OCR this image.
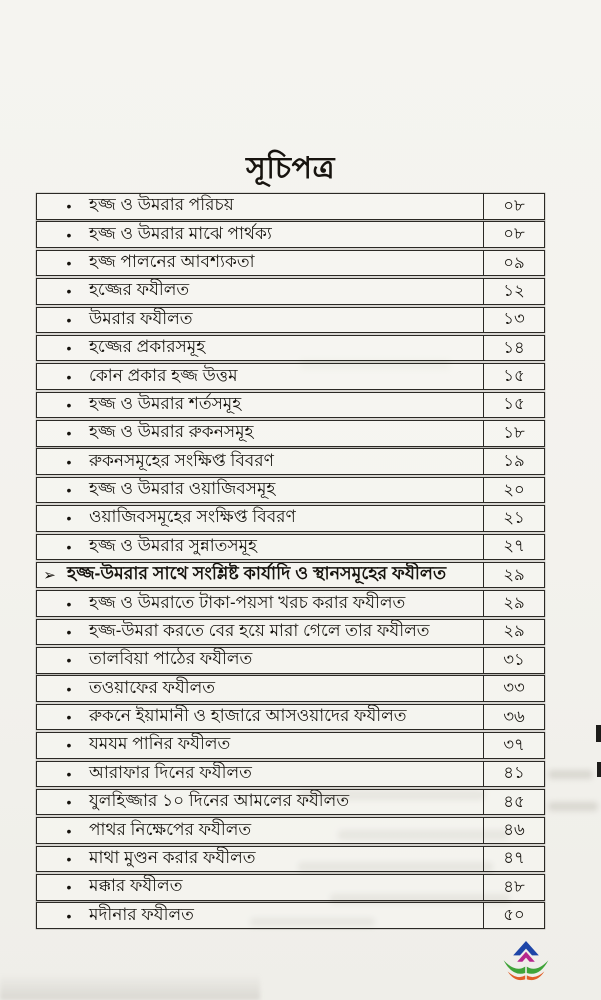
সূচিপত্র
• হজ্জ ও উমরার পরিচয়	০৮
• হজ্জ ও উমরার মাঝে পার্থক্য	০৮
• হজ্জ পালনের আবশ্যকতা	০৯
• হজ্জের ফযীলত	১২
• উমরার ফযীলত	১৩
• হজ্জের প্রকারসমূহ	১৪
• কোন প্রকার হজ্জ উত্তম	১৫
• হজ্জ ও উমরার শর্তসমূহ	১৫
• হজ্জ ও উমরার রুকনসমূহ	১৮
• রুকনসমূহের সংক্ষিপ্ত বিবরণ	১৯
• হজ্জ ও উমরার ওয়াজিবসমূহ	২০
• ওয়াজিবসমূহের সংক্ষিপ্ত বিবরণ	২১
• হজ্জ ও উমরার সুন্নাতসমূহ	২৭
➢ হজ্জ-উমরার সাথে সংশ্লিষ্ট কার্যাদি ও স্থানসমূহের ফযীলত	২৯
• হজ্জ ও উমরাতে টাকা-পয়সা খরচ করার ফযীলত	২৯
• হজ্জ-উমরা করতে বের হয়ে মারা গেলে তার ফযীলত	২৯
• তালবিয়া পাঠের ফযীলত	৩১
• তওয়াফের ফযীলত	৩৩
• রুকনে ইয়ামানী ও হাজারে আসওয়াদের ফযীলত	৩৬
• যমযম পানির ফযীলত	৩৭
• আরাফার দিনের ফযীলত	৪১
• যুলহিজ্জার ১০ দিনের আমলের ফযীলত	৪৫
• পাথর নিক্ষেপের ফযীলত	৪৬
• মাথা মুণ্ডন করার ফযীলত	৪৭
• মক্কার ফযীলত	৪৮
• মদীনার ফযীলত	৫০
